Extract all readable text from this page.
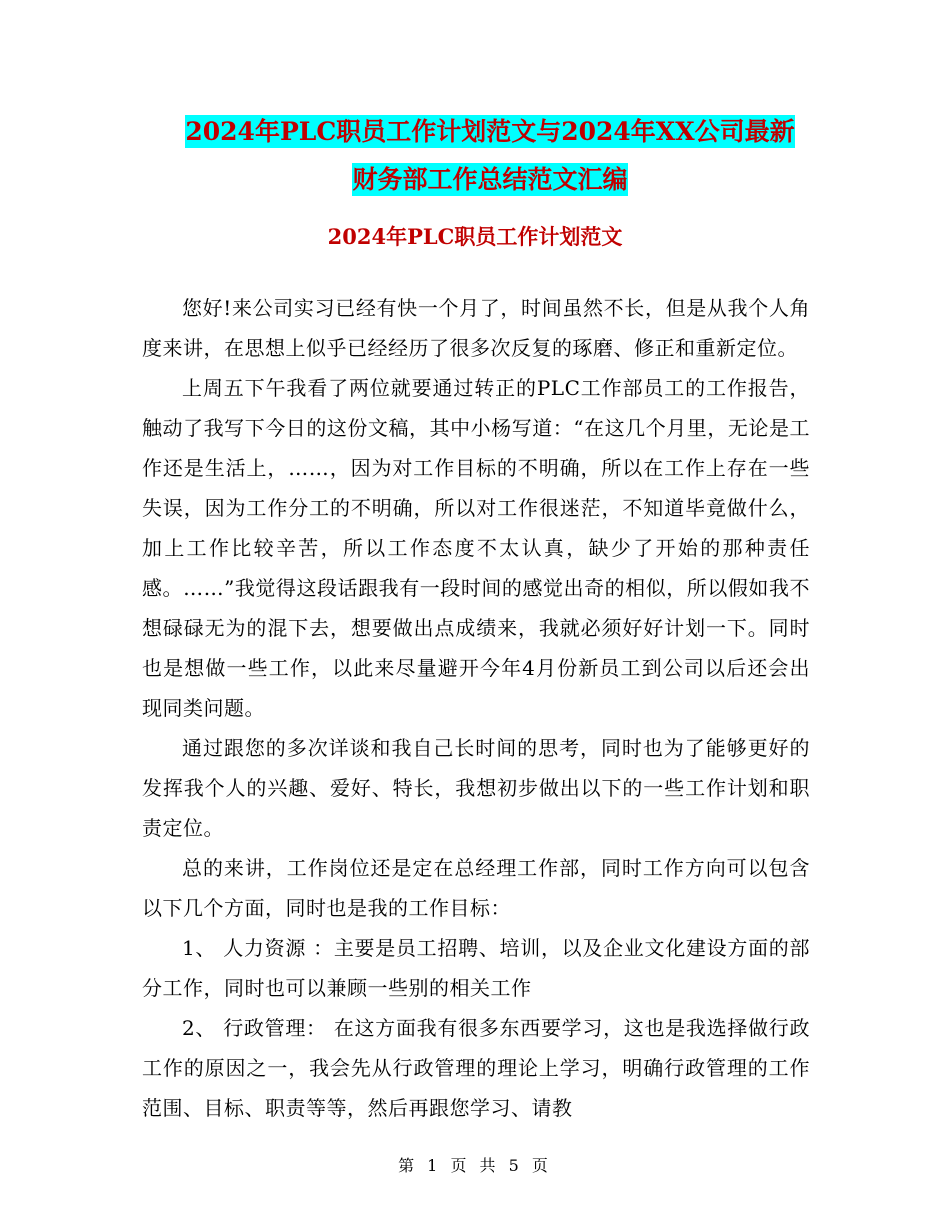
2024年PLC职员工作计划范文与2024年XX公司最新
财务部工作总结范文汇编
2024年PLC职员工作计划范文

您好!来公司实习已经有快一个月了，时间虽然不长，但是从我个人角度来讲，在思想上似乎已经经历了很多次反复的琢磨、修正和重新定位。

上周五下午我看了两位就要通过转正的PLC工作部员工的工作报告，触动了我写下今日的这份文稿，其中小杨写道：“在这几个月里，无论是工作还是生活上，……，因为对工作目标的不明确，所以在工作上存在一些失误，因为工作分工的不明确，所以对工作很迷茫，不知道毕竟做什么，加上工作比较辛苦，所以工作态度不太认真，缺少了开始的那种责任感。……”我觉得这段话跟我有一段时间的感觉出奇的相似，所以假如我不想碌碌无为的混下去，想要做出点成绩来，我就必须好好计划一下。同时也是想做一些工作，以此来尽量避开今年4月份新员工到公司以后还会出现同类问题。

通过跟您的多次详谈和我自己长时间的思考，同时也为了能够更好的发挥我个人的兴趣、爱好、特长，我想初步做出以下的一些工作计划和职责定位。

总的来讲，工作岗位还是定在总经理工作部，同时工作方向可以包含以下几个方面，同时也是我的工作目标：

1、 人力资源 ：主要是员工招聘、培训，以及企业文化建设方面的部分工作，同时也可以兼顾一些别的相关工作

2、 行政管理： 在这方面我有很多东西要学习，这也是我选择做行政工作的原因之一，我会先从行政管理的理论上学习，明确行政管理的工作范围、目标、职责等等，然后再跟您学习、请教

第 1 页 共 5 页
